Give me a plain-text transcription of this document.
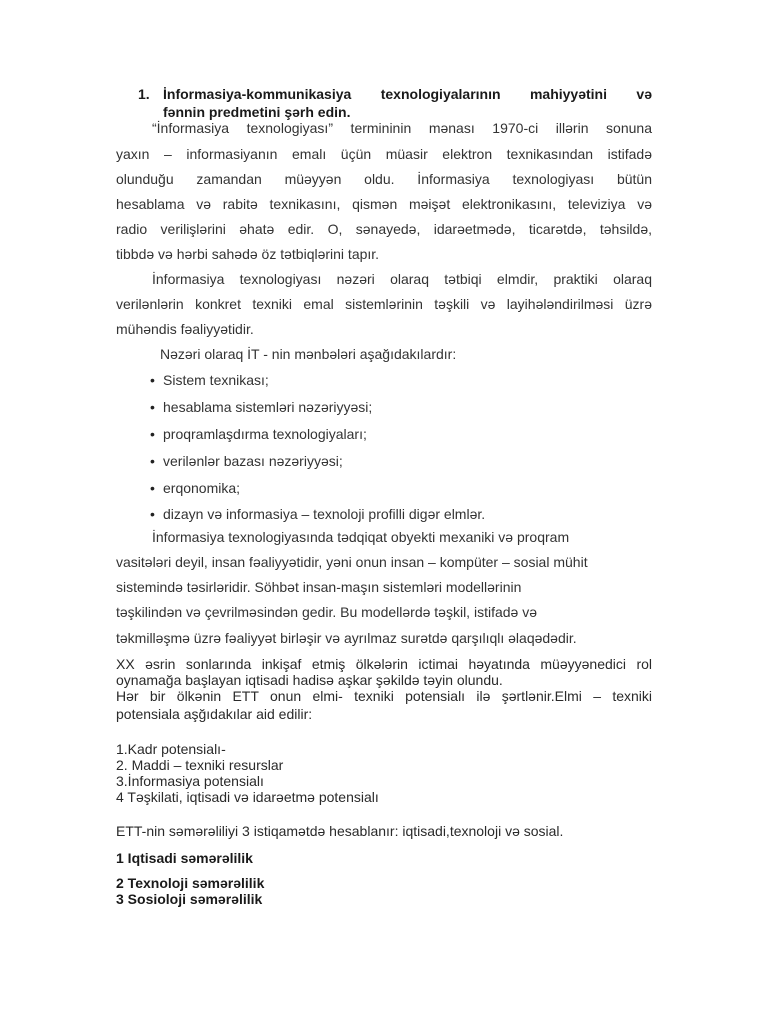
1. İnformasiya-kommunikasiya texnologiyalarının mahiyyətini və
fənnin predmetini şərh edin.
“İnformasiya texnologiyası” termininin mənası 1970-ci illərin sonuna
yaxın – informasiyanın emalı üçün müasir elektron texnikasından istifadə
olunduğu zamandan müəyyən oldu. İnformasiya texnologiyası bütün
hesablama və rabitə texnikasını, qismən məişət elektronikasını, televiziya və
radio verilişlərini əhatə edir. O, sənayedə, idarəetmədə, ticarətdə, təhsildə,
tibbdə və hərbi sahədə öz tətbiqlərini tapır.
İnformasiya texnologiyası nəzəri olaraq tətbiqi elmdir, praktiki olaraq
verilənlərin konkret texniki emal sistemlərinin təşkili və layihələndirilməsi üzrə
mühəndis fəaliyyətidir.
Nəzəri olaraq İT - nin mənbələri aşağıdakılardır:
• Sistem texnikası;
• hesablama sistemləri nəzəriyyəsi;
• proqramlaşdırma texnologiyaları;
• verilənlər bazası nəzəriyyəsi;
• erqonomika;
• dizayn və informasiya – texnoloji profilli digər elmlər.
İnformasiya texnologiyasında tədqiqat obyekti mexaniki və proqram
vasitələri deyil, insan fəaliyyətidir, yəni onun insan – kompüter – sosial mühit
sistemində təsirləridir. Söhbət insan-maşın sistemləri modellərinin
təşkilindən və çevrilməsindən gedir. Bu modellərdə təşkil, istifadə və
təkmilləşmə üzrə fəaliyyət birləşir və ayrılmaz surətdə qarşılıqlı əlaqədədir.
XX əsrin sonlarında inkişaf etmiş ölkələrin ictimai həyatında müəyyənedici rol
oynamağa başlayan iqtisadi hadisə aşkar şəkildə təyin olundu.
Hər bir ölkənin ETT onun elmi- texniki potensialı ilə şərtlənir.Elmi – texniki
potensiala aşğıdakılar aid edilir:
1.Kadr potensialı-
2. Maddi – texniki resurslar
3.İnformasiya potensialı
4 Təşkilati, iqtisadi və idarəetmə potensialı
ETT-nin səmərəliliyi 3 istiqamətdə hesablanır: iqtisadi,texnoloji və sosial.
1 Iqtisadi səmərəlilik
2 Texnoloji səmərəlilik
3 Sosioloji səmərəlilik
